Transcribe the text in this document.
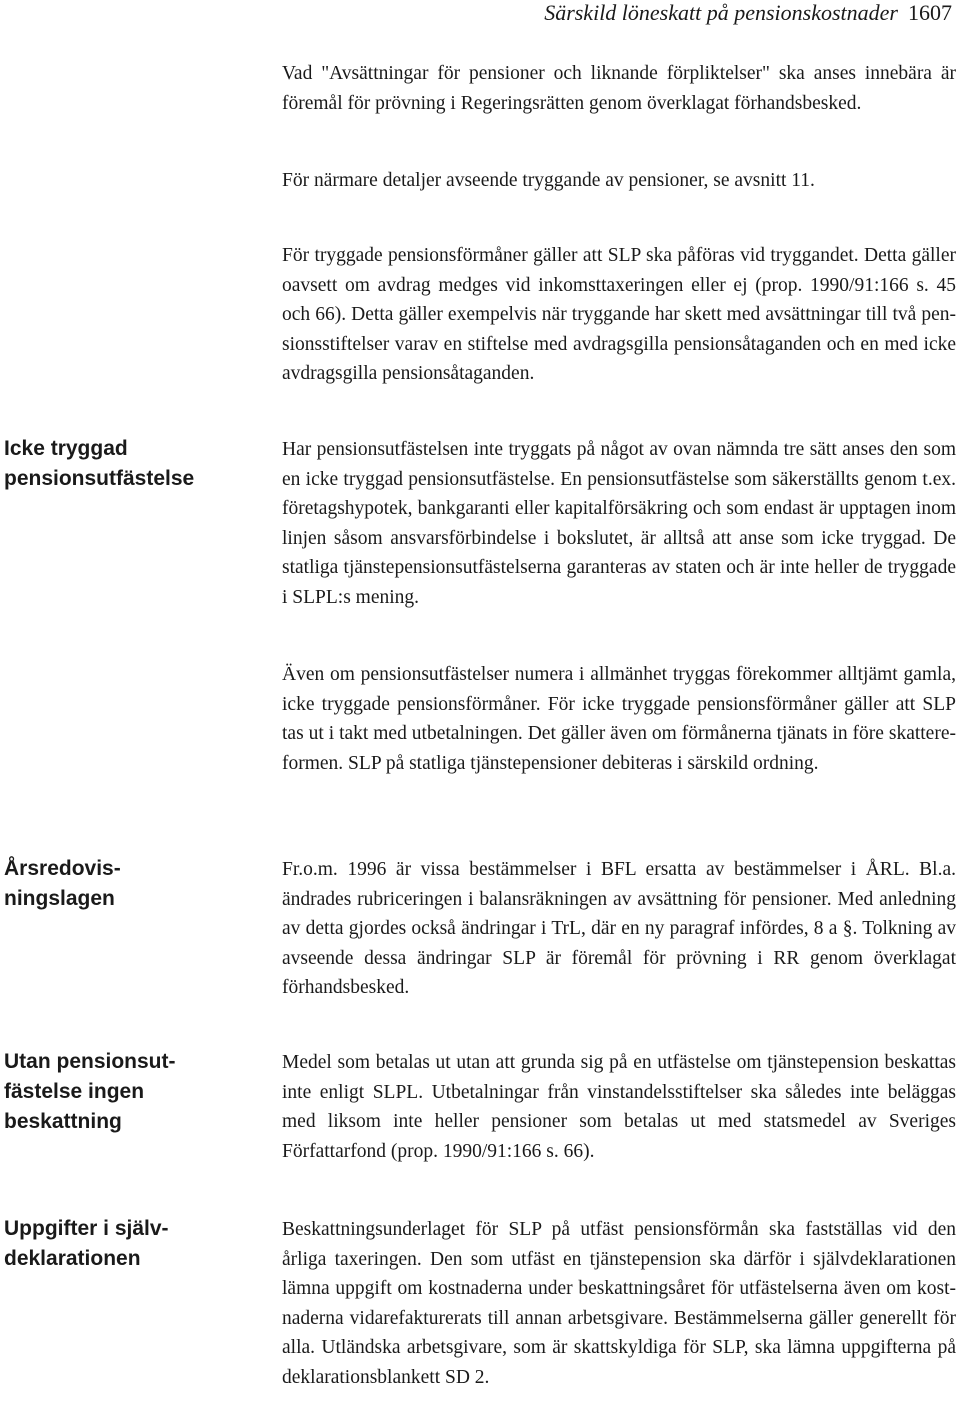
Särskild löneskatt på pensionskostnader 1607

Vad "Avsättningar för pensioner och liknande förpliktelser" ska anses innebära är föremål för prövning i Regeringsrätten genom överklagat förhandsbesked.

För närmare detaljer avseende tryggande av pensioner, se avsnitt 11.

För tryggade pensionsförmåner gäller att SLP ska påföras vid tryggandet. Detta gäller oavsett om avdrag medges vid inkomsttaxeringen eller ej (prop. 1990/91:166 s. 45 och 66). Detta gäller exempelvis när tryggande har skett med avsättningar till två pensionsstiftelser varav en stiftelse med avdragsgilla pensionsåtaganden och en med icke avdragsgilla pensionsåtaganden.

Icke tryggad
pensionsutfästelse

Har pensionsutfästelsen inte tryggats på något av ovan nämnda tre sätt anses den som en icke tryggad pensionsutfästelse. En pensionsutfästelse som säkerställts genom t.ex. företagshypotek, bankgaranti eller kapitalförsäkring och som endast är upptagen inom linjen såsom ansvarsförbindelse i bokslutet, är alltså att anse som icke tryggad. De statliga tjänstepensionsutfästelserna garanteras av staten och är inte heller de tryggade i SLPL:s mening.

Även om pensionsutfästelser numera i allmänhet tryggas förekommer alltjämt gamla, icke tryggade pensionsförmåner. För icke tryggade pensionsförmåner gäller att SLP tas ut i takt med utbetalningen. Det gäller även om förmånerna tjänats in före skattereformen. SLP på statliga tjänstepensioner debiteras i särskild ordning.

Årsredovis-
ningslagen

Fr.o.m. 1996 är vissa bestämmelser i BFL ersatta av bestämmelser i ÅRL. Bl.a. ändrades rubriceringen i balansräkningen av avsättning för pensioner. Med anledning av detta gjordes också ändringar i TrL, där en ny paragraf infördes, 8 a §. Tolkning av avseende dessa ändringar SLP är föremål för prövning i RR genom överklagat förhandsbesked.

Utan pensionsut-
fästelse ingen
beskattning

Medel som betalas ut utan att grunda sig på en utfästelse om tjänstepension beskattas inte enligt SLPL. Utbetalningar från vinstandelsstiftelser ska således inte beläggas med liksom inte heller pensioner som betalas ut med statsmedel av Sveriges Författarfond (prop. 1990/91:166 s. 66).

Uppgifter i själv-
deklarationen

Beskattningsunderlaget för SLP på utfäst pensionsförmån ska fastställas vid den årliga taxeringen. Den som utfäst en tjänstepension ska därför i självdeklarationen lämna uppgift om kostnaderna under beskattningsåret för utfästelserna även om kostnaderna vidarefakturerats till annan arbetsgivare. Bestämmelserna gäller generellt för alla. Utländska arbetsgivare, som är skattskyldiga för SLP, ska lämna uppgifterna på deklarationsblankett SD 2.
